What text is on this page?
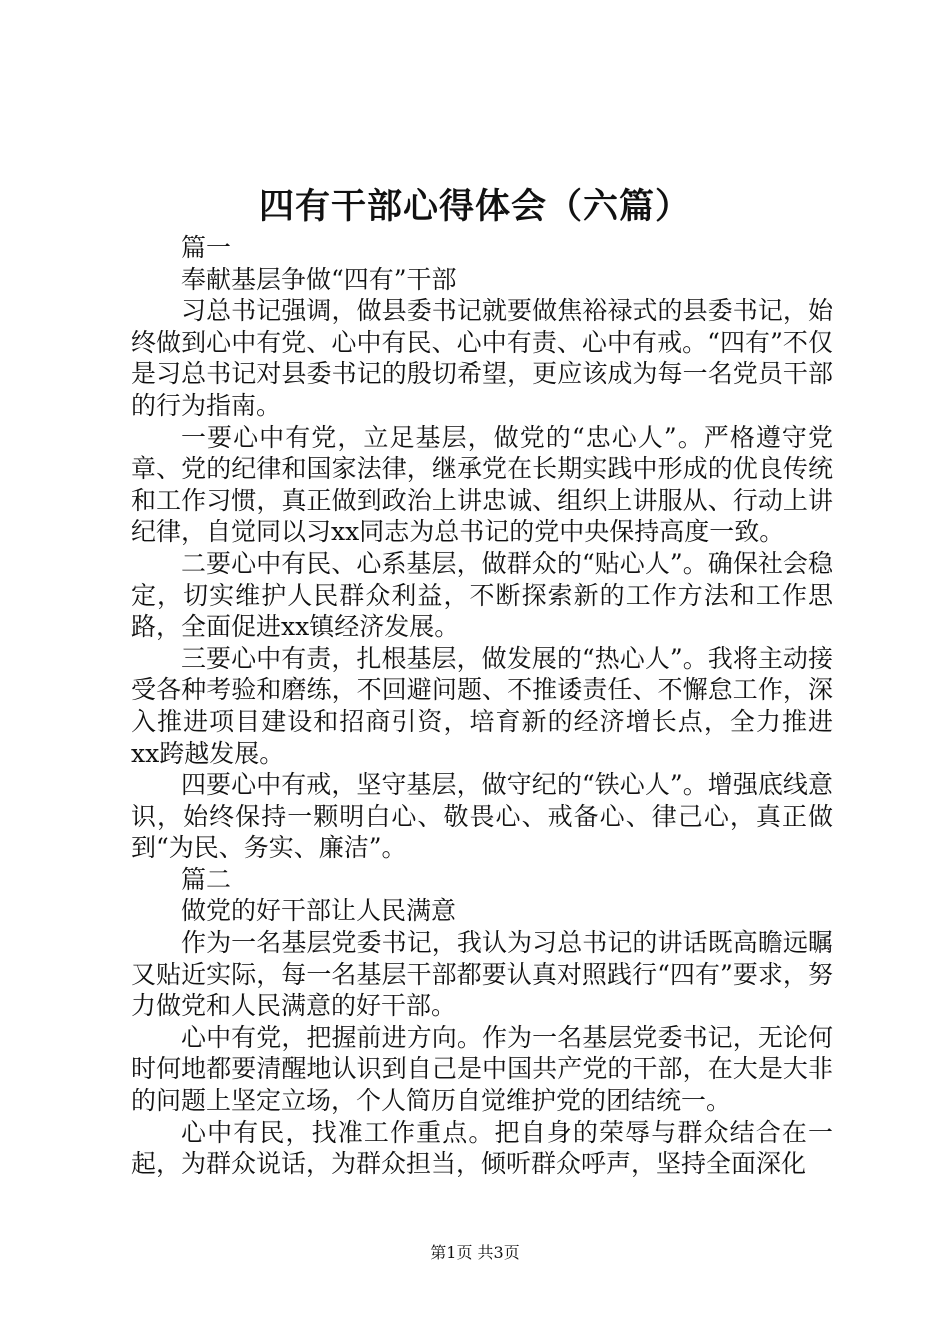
四有干部心得体会（六篇）

篇一

奉献基层争做“四有”干部

习总书记强调，做县委书记就要做焦裕禄式的县委书记，始终做到心中有党、心中有民、心中有责、心中有戒。“四有”不仅是习总书记对县委书记的殷切希望，更应该成为每一名党员干部的行为指南。

一要心中有党，立足基层，做党的“忠心人”。严格遵守党章、党的纪律和国家法律，继承党在长期实践中形成的优良传统和工作习惯，真正做到政治上讲忠诚、组织上讲服从、行动上讲纪律，自觉同以习xx同志为总书记的党中央保持高度一致。

二要心中有民、心系基层，做群众的“贴心人”。确保社会稳定，切实维护人民群众利益，不断探索新的工作方法和工作思路，全面促进xx镇经济发展。

三要心中有责，扎根基层，做发展的“热心人”。我将主动接受各种考验和磨练，不回避问题、不推诿责任、不懈怠工作，深入推进项目建设和招商引资，培育新的经济增长点，全力推进xx跨越发展。

四要心中有戒，坚守基层，做守纪的“铁心人”。增强底线意识，始终保持一颗明白心、敬畏心、戒备心、律己心，真正做到“为民、务实、廉洁”。

篇二

做党的好干部让人民满意

作为一名基层党委书记，我认为习总书记的讲话既高瞻远瞩又贴近实际，每一名基层干部都要认真对照践行“四有”要求，努力做党和人民满意的好干部。

心中有党，把握前进方向。作为一名基层党委书记，无论何时何地都要清醒地认识到自己是中国共产党的干部，在大是大非的问题上坚定立场，个人简历自觉维护党的团结统一。

心中有民，找准工作重点。把自身的荣辱与群众结合在一起，为群众说话，为群众担当，倾听群众呼声，坚持全面深化

第1页 共3页
